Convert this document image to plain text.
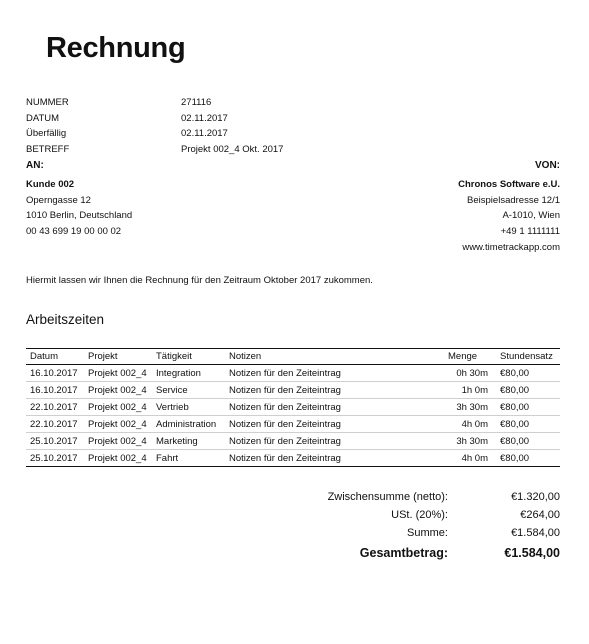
Rechnung
NUMMER	271116
DATUM	02.11.2017
Überfällig	02.11.2017
BETREFF	Projekt 002_4 Okt. 2017
AN:
Kunde 002
Operngasse 12
1010 Berlin, Deutschland
00 43 699 19 00 00 02
VON:
Chronos Software e.U.
Beispielsadresse 12/1
A-1010, Wien
+49 1 1111111
www.timetrackapp.com
Hiermit lassen wir Ihnen die Rechnung für den Zeitraum Oktober 2017 zukommen.
Arbeitszeiten
Datum	Projekt	Tätigkeit	Notizen	Menge	Stundensatz
16.10.2017	Projekt 002_4	Integration	Notizen für den Zeiteintrag	0h 30m	€80,00
16.10.2017	Projekt 002_4	Service	Notizen für den Zeiteintrag	1h 0m	€80,00
22.10.2017	Projekt 002_4	Vertrieb	Notizen für den Zeiteintrag	3h 30m	€80,00
22.10.2017	Projekt 002_4	Administration	Notizen für den Zeiteintrag	4h 0m	€80,00
25.10.2017	Projekt 002_4	Marketing	Notizen für den Zeiteintrag	3h 30m	€80,00
25.10.2017	Projekt 002_4	Fahrt	Notizen für den Zeiteintrag	4h 0m	€80,00
Zwischensumme (netto):	€1.320,00
USt. (20%):	€264,00
Summe:	€1.584,00
Gesamtbetrag:	€1.584,00
